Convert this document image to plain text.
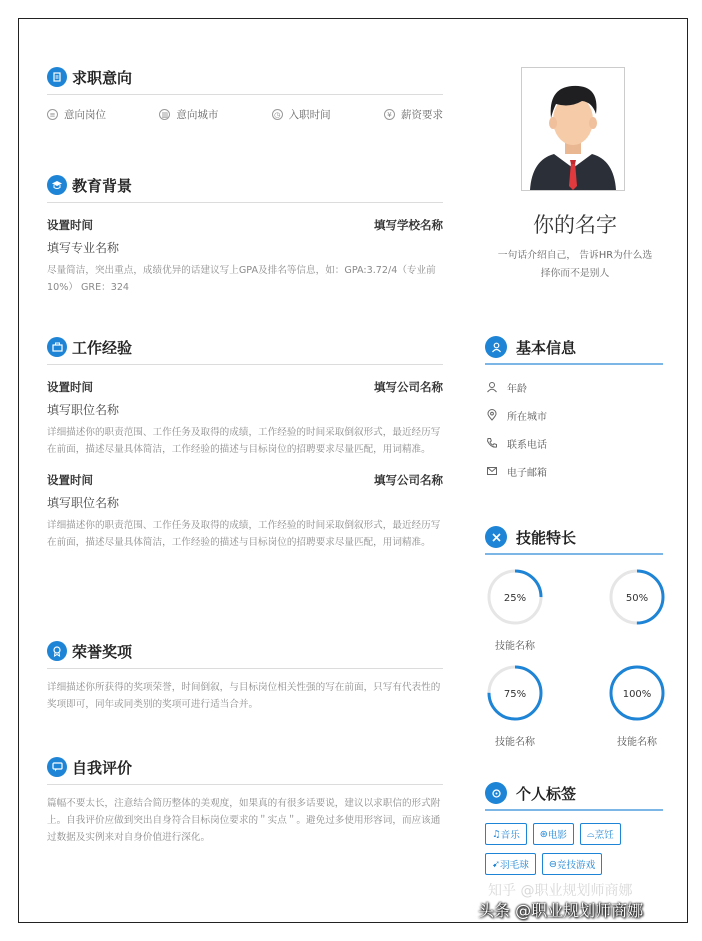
求职意向
≡ 意向岗位	▥ 意向城市	◷ 入职时间	¥ 薪资要求
教育背景
设置时间	填写学校名称
填写专业名称
尽量简洁，突出重点，成绩优异的话建议写上GPA及排名等信息，如：GPA:3.72/4（专业前10%） GRE：324
工作经验
设置时间	填写公司名称
填写职位名称
详细描述你的职责范围、工作任务及取得的成绩，工作经验的时间采取倒叙形式，最近经历写在前面，描述尽量具体简洁，工作经验的描述与目标岗位的招聘要求尽量匹配，用词精准。
设置时间	填写公司名称
填写职位名称
详细描述你的职责范围、工作任务及取得的成绩，工作经验的时间采取倒叙形式，最近经历写在前面，描述尽量具体简洁，工作经验的描述与目标岗位的招聘要求尽量匹配，用词精准。
荣誉奖项
详细描述你所获得的奖项荣誉，时间倒叙，与目标岗位相关性强的写在前面，只写有代表性的奖项即可，同年或同类别的奖项可进行适当合并。
自我评价
篇幅不要太长，注意结合简历整体的美观度，如果真的有很多话要说，建议以求职信的形式附上。自我评价应做到突出自身符合目标岗位要求的＂实点＂。避免过多使用形容词，而应该通过数据及实例来对自身价值进行深化。
你的名字
一句话介绍自己， 告诉HR为什么选
择你而不是别人
基本信息
年龄
所在城市
联系电话
电子邮箱
技能特长
25%
技能名称
50%
75%
技能名称
100%
技能名称
个人标签
♫ 音乐 ⊛ 电影 ⌓ 烹饪
➹ 羽毛球 ⊖ 竞技游戏
知乎 @职业规划师商娜
头条 @职业规划师商娜
